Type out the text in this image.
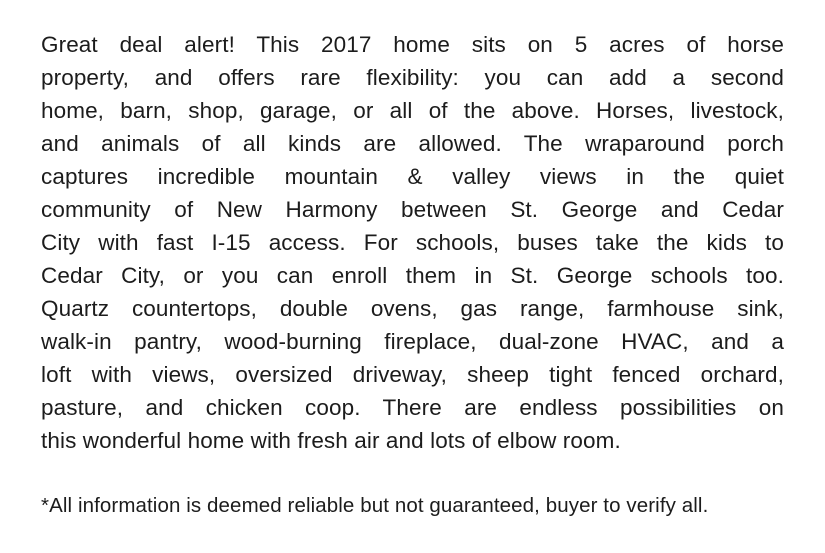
Great deal alert! This 2017 home sits on 5 acres of horse
property, and offers rare flexibility: you can add a second
home, barn, shop, garage, or all of the above. Horses, livestock,
and animals of all kinds are allowed. The wraparound porch
captures incredible mountain & valley views in the quiet
community of New Harmony between St. George and Cedar
City with fast I-15 access. For schools, buses take the kids to
Cedar City, or you can enroll them in St. George schools too.
Quartz countertops, double ovens, gas range, farmhouse sink,
walk-in pantry, wood-burning fireplace, dual-zone HVAC, and a
loft with views, oversized driveway, sheep tight fenced orchard,
pasture, and chicken coop. There are endless possibilities on
this wonderful home with fresh air and lots of elbow room.
*All information is deemed reliable but not guaranteed, buyer to verify all.
